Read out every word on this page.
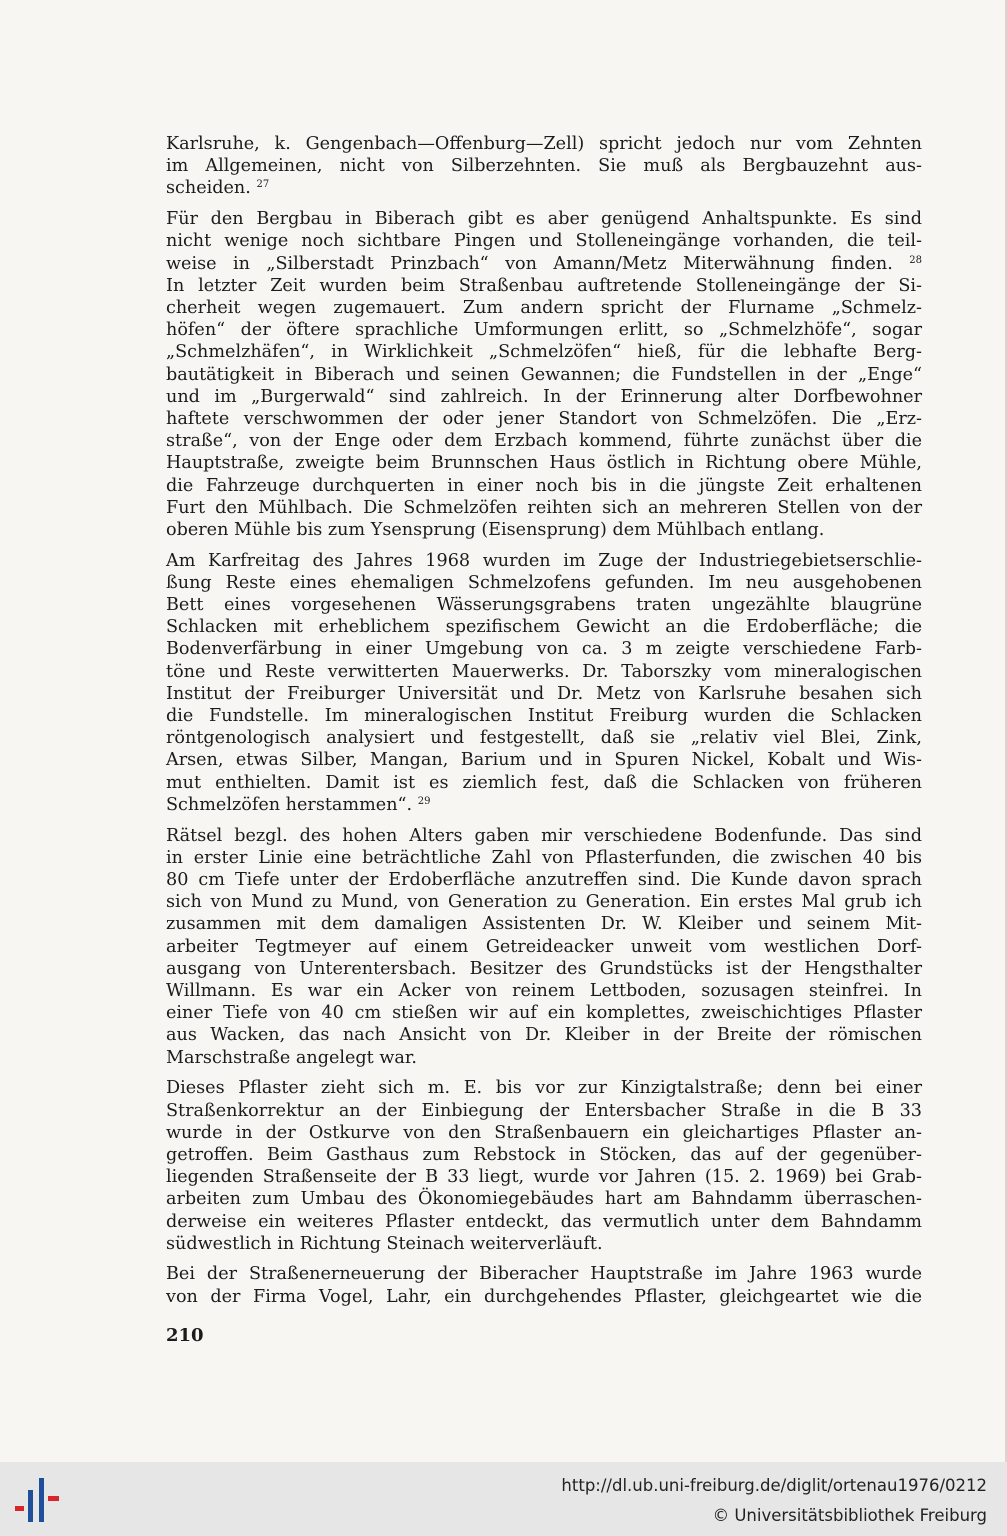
Karlsruhe, k. Gengenbach—Offenburg—Zell) spricht jedoch nur vom Zehnten
im Allgemeinen, nicht von Silberzehnten. Sie muß als Bergbauzehnt aus-
scheiden. $^{27}$
Für den Bergbau in Biberach gibt es aber genügend Anhaltspunkte. Es sind
nicht wenige noch sichtbare Pingen und Stolleneingänge vorhanden, die teil-
weise in „Silberstadt Prinzbach“ von Amann/Metz Miterwähnung finden. $^{28}$
In letzter Zeit wurden beim Straßenbau auftretende Stolleneingänge der Si-
cherheit wegen zugemauert. Zum andern spricht der Flurname „Schmelz-
höfen“ der öftere sprachliche Umformungen erlitt, so „Schmelzhöfe“, sogar
„Schmelzhäfen“, in Wirklichkeit „Schmelzöfen“ hieß, für die lebhafte Berg-
bautätigkeit in Biberach und seinen Gewannen; die Fundstellen in der „Enge“
und im „Burgerwald“ sind zahlreich. In der Erinnerung alter Dorfbewohner
haftete verschwommen der oder jener Standort von Schmelzöfen. Die „Erz-
straße“, von der Enge oder dem Erzbach kommend, führte zunächst über die
Hauptstraße, zweigte beim Brunnschen Haus östlich in Richtung obere Mühle,
die Fahrzeuge durchquerten in einer noch bis in die jüngste Zeit erhaltenen
Furt den Mühlbach. Die Schmelzöfen reihten sich an mehreren Stellen von der
oberen Mühle bis zum Ysensprung (Eisensprung) dem Mühlbach entlang.
Am Karfreitag des Jahres 1968 wurden im Zuge der Industriegebietserschlie-
ßung Reste eines ehemaligen Schmelzofens gefunden. Im neu ausgehobenen
Bett eines vorgesehenen Wässerungsgrabens traten ungezählte blaugrüne
Schlacken mit erheblichem spezifischem Gewicht an die Erdoberfläche; die
Bodenverfärbung in einer Umgebung von ca. 3 m zeigte verschiedene Farb-
töne und Reste verwitterten Mauerwerks. Dr. Taborszky vom mineralogischen
Institut der Freiburger Universität und Dr. Metz von Karlsruhe besahen sich
die Fundstelle. Im mineralogischen Institut Freiburg wurden die Schlacken
röntgenologisch analysiert und festgestellt, daß sie „relativ viel Blei, Zink,
Arsen, etwas Silber, Mangan, Barium und in Spuren Nickel, Kobalt und Wis-
mut enthielten. Damit ist es ziemlich fest, daß die Schlacken von früheren
Schmelzöfen herstammen“. $^{29}$
Rätsel bezgl. des hohen Alters gaben mir verschiedene Bodenfunde. Das sind
in erster Linie eine beträchtliche Zahl von Pflasterfunden, die zwischen 40 bis
80 cm Tiefe unter der Erdoberfläche anzutreffen sind. Die Kunde davon sprach
sich von Mund zu Mund, von Generation zu Generation. Ein erstes Mal grub ich
zusammen mit dem damaligen Assistenten Dr. W. Kleiber und seinem Mit-
arbeiter Tegtmeyer auf einem Getreideacker unweit vom westlichen Dorf-
ausgang von Unterentersbach. Besitzer des Grundstücks ist der Hengsthalter
Willmann. Es war ein Acker von reinem Lettboden, sozusagen steinfrei. In
einer Tiefe von 40 cm stießen wir auf ein komplettes, zweischichtiges Pflaster
aus Wacken, das nach Ansicht von Dr. Kleiber in der Breite der römischen
Marschstraße angelegt war.
Dieses Pflaster zieht sich m. E. bis vor zur Kinzigtalstraße; denn bei einer
Straßenkorrektur an der Einbiegung der Entersbacher Straße in die B 33
wurde in der Ostkurve von den Straßenbauern ein gleichartiges Pflaster an-
getroffen. Beim Gasthaus zum Rebstock in Stöcken, das auf der gegenüber-
liegenden Straßenseite der B 33 liegt, wurde vor Jahren (15. 2. 1969) bei Grab-
arbeiten zum Umbau des Ökonomiegebäudes hart am Bahndamm überraschen-
derweise ein weiteres Pflaster entdeckt, das vermutlich unter dem Bahndamm
südwestlich in Richtung Steinach weiterverläuft.
Bei der Straßenerneuerung der Biberacher Hauptstraße im Jahre 1963 wurde
von der Firma Vogel, Lahr, ein durchgehendes Pflaster, gleichgeartet wie die
210
http://dl.ub.uni-freiburg.de/diglit/ortenau1976/0212
© Universitätsbibliothek Freiburg
